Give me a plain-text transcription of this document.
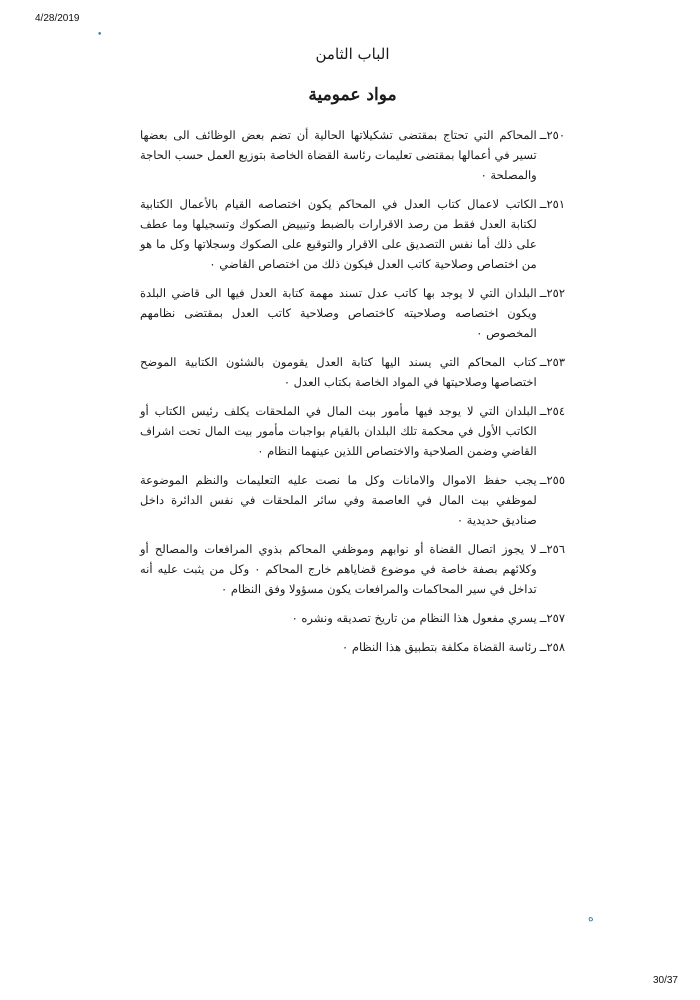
4/28/2019
•
الباب الثامن
مواد عمومية
٢٥٠ــ
المحاكم التي تحتاج بمقتضى تشكيلاتها الحالية أن تضم بعض الوظائف الى بعضها تسير في أعمالها بمقتضى تعليمات رئاسة القضاة الخاصة بتوزيع العمل حسب الحاجة والمصلحة ٠
٢٥١ــ
الكاتب لاعمال كتاب العدل في المحاكم يكون اختصاصه القيام بالأعمال الكتابية لكتابة العدل فقط من رصد الاقرارات بالضبط وتبييض الصكوك وتسجيلها وما عطف على ذلك أما نفس التصديق على الاقرار والتوقيع على الصكوك وسجلاتها وكل ما هو من اختصاص وصلاحية كاتب العدل فيكون ذلك من اختصاص القاضي ٠
٢٥٢ــ
البلدان التي لا يوجد بها كاتب عدل تسند مهمة كتابة العدل فيها الى قاضي البلدة ويكون اختصاصه وصلاحيته كاختصاص وصلاحية كاتب العدل بمقتضى نظامهم المخصوص ٠
٢٥٣ــ
كتاب المحاكم التي يسند اليها كتابة العدل يقومون بالشئون الكتابية الموضح اختصاصها وصلاحيتها في المواد الخاصة بكتاب العدل ٠
٢٥٤ــ
البلدان التي لا يوجد فيها مأمور بيت المال في الملحقات يكلف رئيس الكتاب أو الكاتب الأول في محكمة تلك البلدان بالقيام بواجبات مأمور بيت المال تحت اشراف القاضي وضمن الصلاحية والاختصاص اللذين عينهما النظام ٠
٢٥٥ــ
يجب حفظ الاموال والامانات وكل ما نصت عليه التعليمات والنظم الموضوعة لموظفي بيت المال في العاصمة وفي سائر الملحقات في نفس الدائرة داخل صناديق حديدية ٠
٢٥٦ــ
لا يجوز اتصال القضاة أو نوابهم وموظفي المحاكم بذوي المرافعات والمصالح أو وكلائهم بصفة خاصة في موضوع قضاياهم خارج المحاكم ٠ وكل من يثبت عليه أنه تداخل في سير المحاكمات والمرافعات يكون مسؤولا وفق النظام ٠
٢٥٧ــ
يسري مفعول هذا النظام من تاريخ تصديقه ونشره ٠
٢٥٨ــ
رئاسة القضاة مكلفة بتطبيق هذا النظام ٠
ه
30/37
